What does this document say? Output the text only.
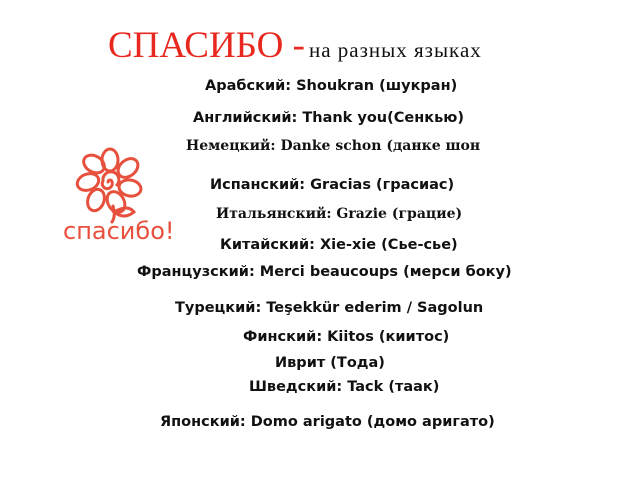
СПАСИБО - на разных языках
спасибо!
Арабский: Shoukran (шукран)
Английский: Thank you(Сенкью)
Немецкий: Danke schon (данке шон
Испанский: Gracias (грасиас)
Итальянский: Grazie (грацие)
Китайский: Xie-xie (Сье-сье)
Французский: Merci beaucoups (мерси боку)
Турецкий: Teşekkür ederim / Sagolun
Финский: Kiitos (киитос)
Иврит (Тода)
Шведский: Tack (таак)
Японский: Domo arigato (домо аригато)
